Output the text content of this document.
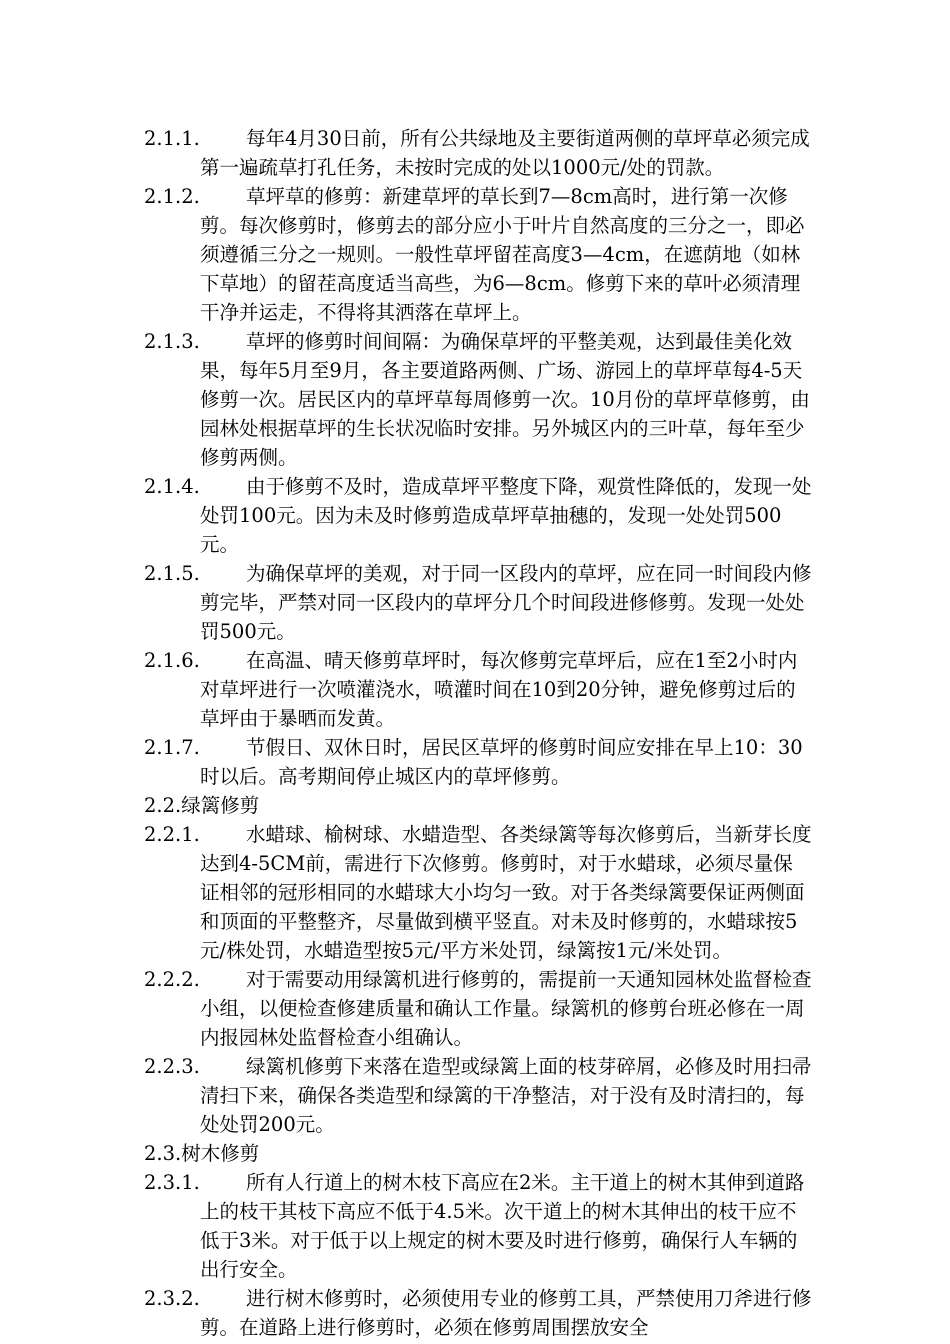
2.1.1.	每年4月30日前，所有公共绿地及主要街道两侧的草坪草必须完成第一遍疏草打孔任务，未按时完成的处以1000元/处的罚款。

2.1.2.	草坪草的修剪：新建草坪的草长到7—8cm高时，进行第一次修剪。每次修剪时，修剪去的部分应小于叶片自然高度的三分之一，即必须遵循三分之一规则。一般性草坪留茬高度3—4cm，在遮荫地（如林下草地）的留茬高度适当高些，为6—8cm。修剪下来的草叶必须清理干净并运走，不得将其洒落在草坪上。

2.1.3.	草坪的修剪时间间隔：为确保草坪的平整美观，达到最佳美化效果，每年5月至9月，各主要道路两侧、广场、游园上的草坪草每4-5天修剪一次。居民区内的草坪草每周修剪一次。10月份的草坪草修剪，由园林处根据草坪的生长状况临时安排。另外城区内的三叶草，每年至少修剪两侧。

2.1.4.	由于修剪不及时，造成草坪平整度下降，观赏性降低的，发现一处处罚100元。因为未及时修剪造成草坪草抽穗的，发现一处处罚500元。

2.1.5.	为确保草坪的美观，对于同一区段内的草坪，应在同一时间段内修剪完毕，严禁对同一区段内的草坪分几个时间段进修修剪。发现一处处罚500元。

2.1.6.	在高温、晴天修剪草坪时，每次修剪完草坪后，应在1至2小时内对草坪进行一次喷灌浇水，喷灌时间在10到20分钟，避免修剪过后的草坪由于暴晒而发黄。

2.1.7.	节假日、双休日时，居民区草坪的修剪时间应安排在早上10：30时以后。高考期间停止城区内的草坪修剪。

2.2.绿篱修剪
2.2.1.	水蜡球、榆树球、水蜡造型、各类绿篱等每次修剪后，当新芽长度达到4-5CM前，需进行下次修剪。修剪时，对于水蜡球，必须尽量保证相邻的冠形相同的水蜡球大小均匀一致。对于各类绿篱要保证两侧面和顶面的平整整齐，尽量做到横平竖直。对未及时修剪的，水蜡球按5元/株处罚，水蜡造型按5元/平方米处罚，绿篱按1元/米处罚。

2.2.2.	对于需要动用绿篱机进行修剪的，需提前一天通知园林处监督检查小组，以便检查修建质量和确认工作量。绿篱机的修剪台班必修在一周内报园林处监督检查小组确认。

2.2.3.	绿篱机修剪下来落在造型或绿篱上面的枝芽碎屑，必修及时用扫帚清扫下来，确保各类造型和绿篱的干净整洁，对于没有及时清扫的，每处处罚200元。

2.3.树木修剪
2.3.1.	所有人行道上的树木枝下高应在2米。主干道上的树木其伸到道路上的枝干其枝下高应不低于4.5米。次干道上的树木其伸出的枝干应不低于3米。对于低于以上规定的树木要及时进行修剪，确保行人车辆的出行安全。

2.3.2.	进行树木修剪时，必须使用专业的修剪工具，严禁使用刀斧进行修剪。在道路上进行修剪时，必须在修剪周围摆放安全
